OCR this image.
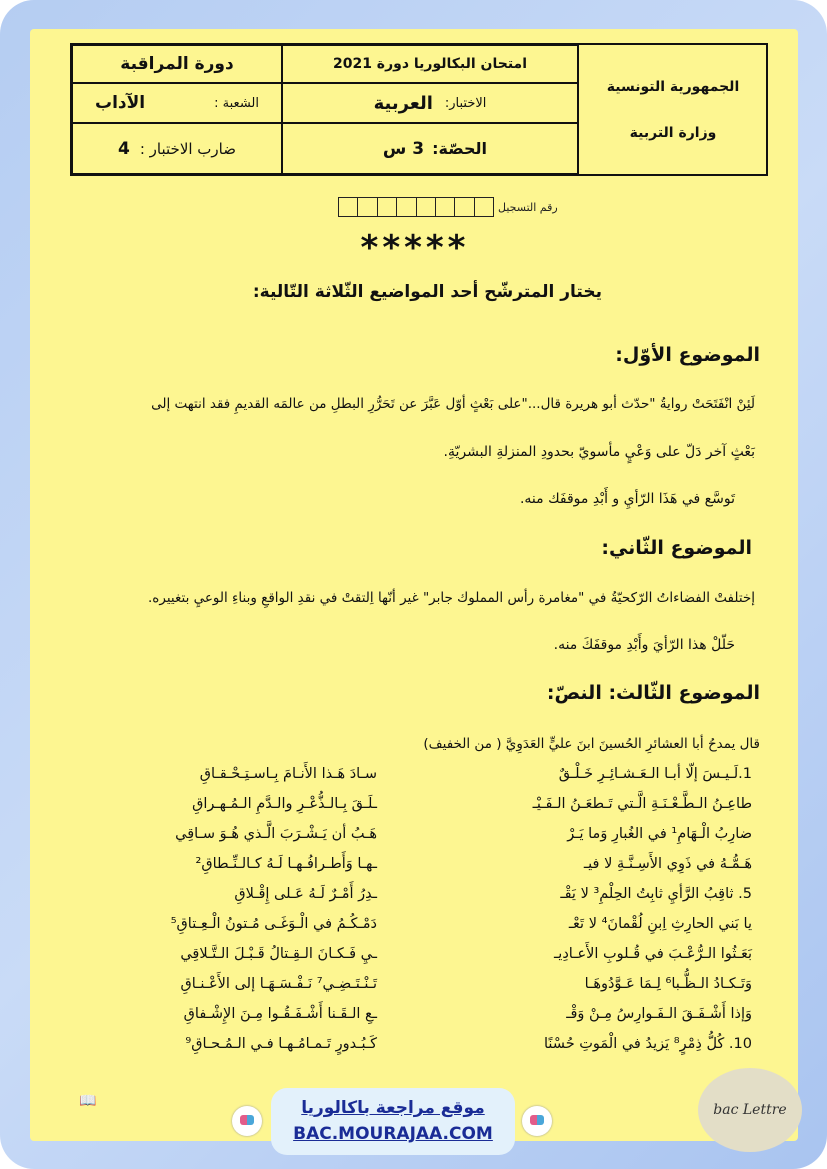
دورة المراقبة
الشعبة :
الآداب
ضارب الاختبار :
4
امتحان البكالوريا دورة 2021
الاختبار:
العربية
الحصّة:
3 س
الجمهورية التونسية
وزارة التربية
رقم التسجيل
*****
يختار المترشّح أحد المواضيع الثّلاثة التّالية:
الموضوع الأوّل:
لَئِنْ انْفَتَحَتْ روايةُ "حدّث أبو هريرة قال..."على بَعْثٍ أوّل عَبَّرَ عن تَحَرُّرِ البطلِ من عالمَه القديمِ فقد انتهت إلى
بَعْثٍ آخر دَلّ على وَعْيٍ مأسويّ بحدودِ المنزلةِ البشريّةِ.
تَوسَّع في هَذَا الرّأيِ و أَبْدِ موقفَك منه.
الموضوع الثّاني:
إختلفتْ الفضاءاتُ الرّكحيّةُ في "مغامرة رأس المملوك جابر" غير أنّها اِلتقتْ في نقدِ الواقعِ وبناءِ الوعيِ بتغييره.
حَلّلْ هذا الرّأيَ وأَبْدِ موقفَكَ منه.
الموضوع الثّالث: النصّ:
قال يمدحُ أبا العشائرِ الحُسينَ ابنَ عليٍّ العَدَوِيَّ ( من الخفيف)
1.لَـيـسَ إلّا أبـا الـعَـشـائِـرِ خَـلْـقٌ
سـادَ هَـذا الأَنـامَ بِـاسـتِـحْـقـاقِ
طاعِـنُ الـطَّـعْـنَـةِ الَّـتي تَـطعَـنُ الـفَـيْـ
ـلَـقَ بِـالـذُّعْـرِ والـدَّمِ الـمُـهـراقِ
ضارِبُ الْـهَامِ¹ في الغُبارِ وَما يَـرْ
هَـبُ أن يَـشْـرَبَ الَّـذي هُـوَ سـاقِي
هَـمُّـهُ في ذَوِي الأَسِـنَّـةِ لا فيـ
ـهـا وَأَطـرافُـهـا لَـهُ كـالـنِّـطاقِ²
5. ثاقِبُ الرَّأيِ ثابِتُ الحِلْمِ³ لا يَقْـ
ـدِرُ أَمْـرٌ لَـهُ عَـلى إِقْـلاقِ
يا بَني الحارِثِ اِبنِ لُقْمانَ⁴ لا تَعْـ
دَمْـكُـمُ في الْـوَغَـى مُـتونُ الْـعِـتاقِ⁵
بَعَـثُوا الـرُّعْـبَ في قُـلوبِ الأَعـادِيـ
ـيِ فَـكـانَ الـقِـتالُ قَـبْـلَ الـتَّـلاقِي
وَتَـكـادُ الـظُّـبا⁶ لِـمَا عَـوَّدُوهَـا
تَـنْـتَـضِـي⁷ نَـفْـسَـهَـا إلى الأَعْـنـاقِ
وَإذا أَشْـفَـقَ الـفَـوارِسُ مِـنْ وَقْـ
ـعِ الـقَـنا أَشْـفَـقُـوا مِـنَ الإِشْـفاقِ
10. كُلُّ ذِمْرٍ⁸ يَزيدُ في الْمَوتِ حُسْنًا
كَـبُـدورٍ تَـمـامُـهـا فـي الـمُـحـاقِ⁹
📖	موقع مراجعة باكالوريا
BAC.MOURAJAA.COM
bac Lettre
